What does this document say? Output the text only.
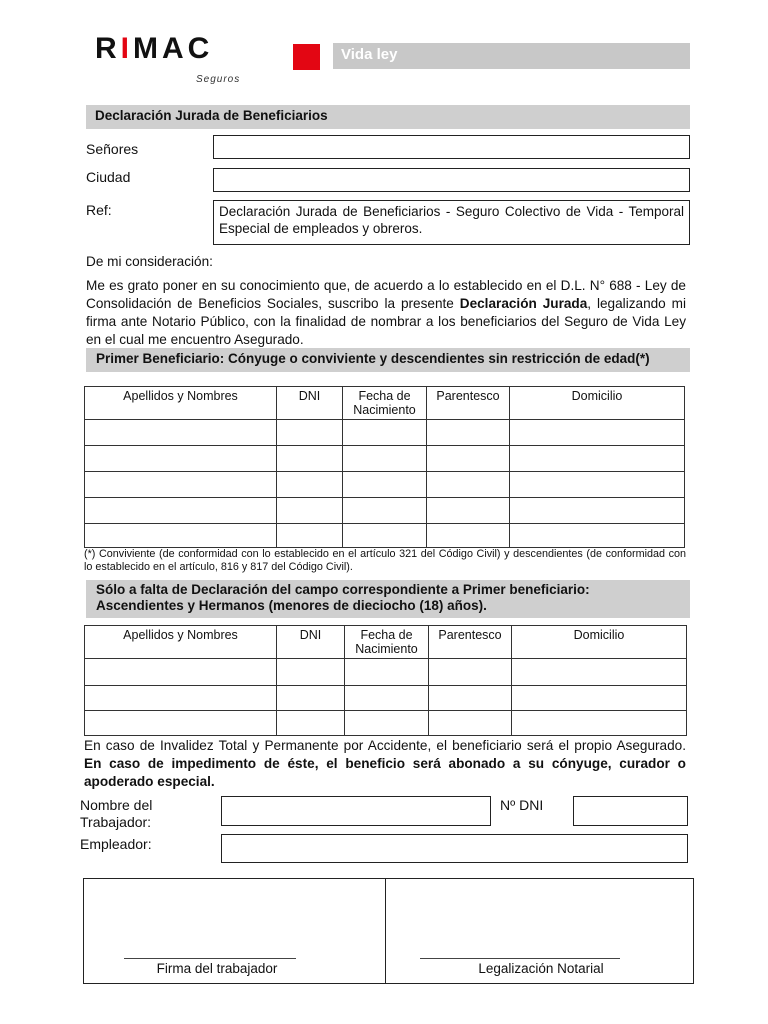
RIMAC
Seguros
Vida ley
Declaración Jurada de Beneficiarios
Señores
Ciudad
Ref:	Declaración Jurada de Beneficiarios - Seguro Colectivo de Vida - Temporal Especial de empleados y obreros.
De mi consideración:
Me es grato poner en su conocimiento que, de acuerdo a lo establecido en el D.L. N° 688 - Ley de Consolidación de Beneficios Sociales, suscribo la presente Declaración Jurada, legalizando mi firma ante Notario Público, con la finalidad de nombrar a los beneficiarios del Seguro de Vida Ley en el cual me encuentro Asegurado.
Primer Beneficiario: Cónyuge o conviviente y descendientes sin restricción de edad(*)
Apellidos y Nombres	DNI	Fecha de Nacimiento	Parentesco	Domicilio

(*) Conviviente (de conformidad con lo establecido en el artículo 321 del Código Civil) y descendientes (de conformidad con lo establecido en el artículo, 816 y 817 del Código Civil).
Sólo a falta de Declaración del campo correspondiente a Primer beneficiario:
Ascendientes y Hermanos (menores de dieciocho (18) años).
Apellidos y Nombres	DNI	Fecha de Nacimiento	Parentesco	Domicilio

En caso de Invalidez Total y Permanente por Accidente, el beneficiario será el propio Asegurado. En caso de impedimento de éste, el beneficio será abonado a su cónyuge, curador o apoderado especial.
Nombre del
Trabajador:
Nº DNI
Empleador:
Firma del trabajador	Legalización Notarial
